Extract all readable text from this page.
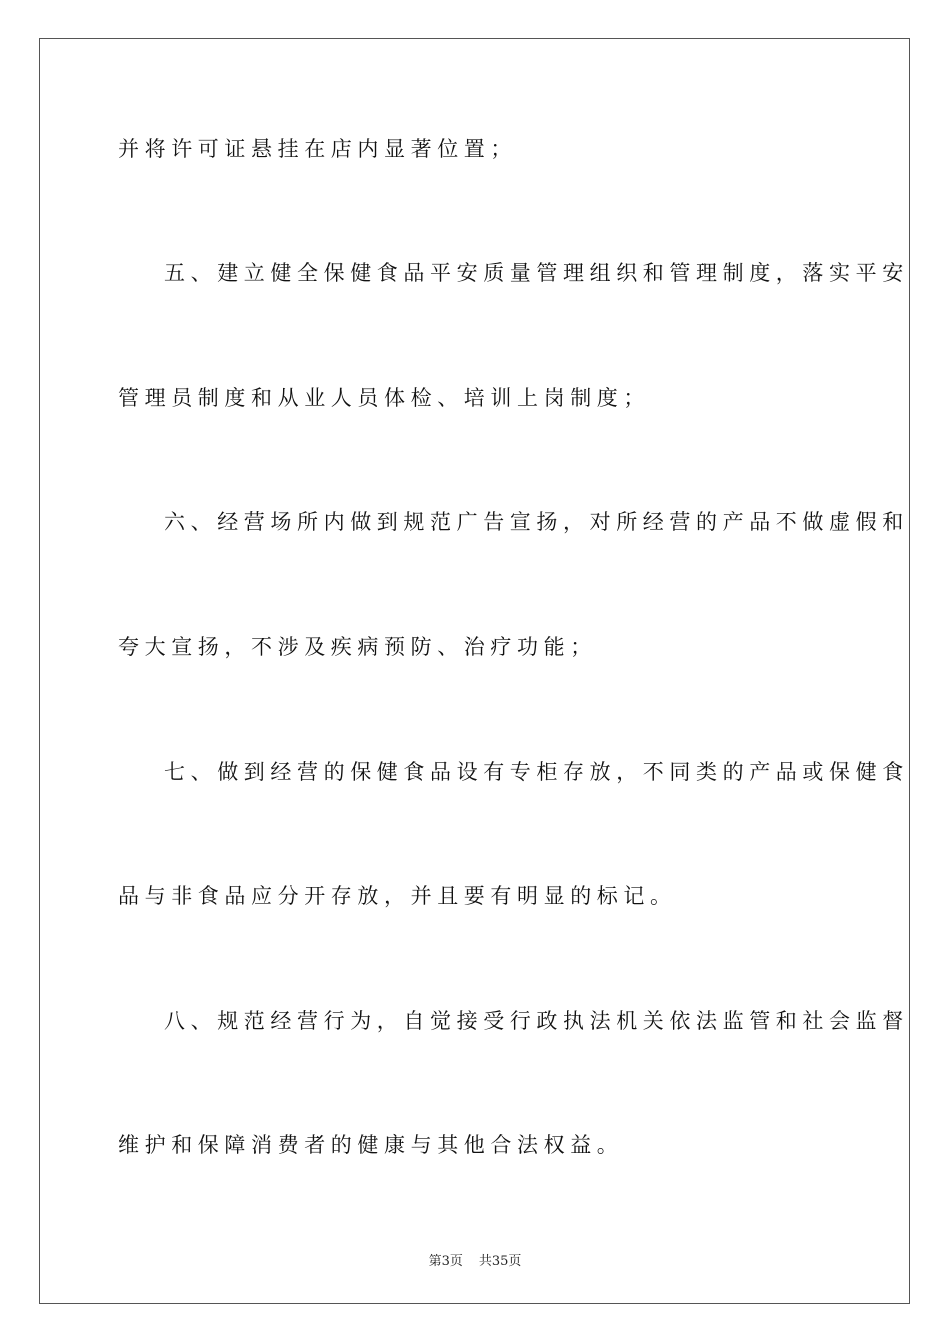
并将许可证悬挂在店内显著位置；
五、建立健全保健食品平安质量管理组织和管理制度，落实平安
管理员制度和从业人员体检、培训上岗制度；
六、经营场所内做到规范广告宣扬，对所经营的产品不做虚假和
夸大宣扬，不涉及疾病预防、治疗功能；
七、做到经营的保健食品设有专柜存放，不同类的产品或保健食
品与非食品应分开存放，并且要有明显的标记。
八、规范经营行为，自觉接受行政执法机关依法监管和社会监督
维护和保障消费者的健康与其他合法权益。
第3页 共35页
